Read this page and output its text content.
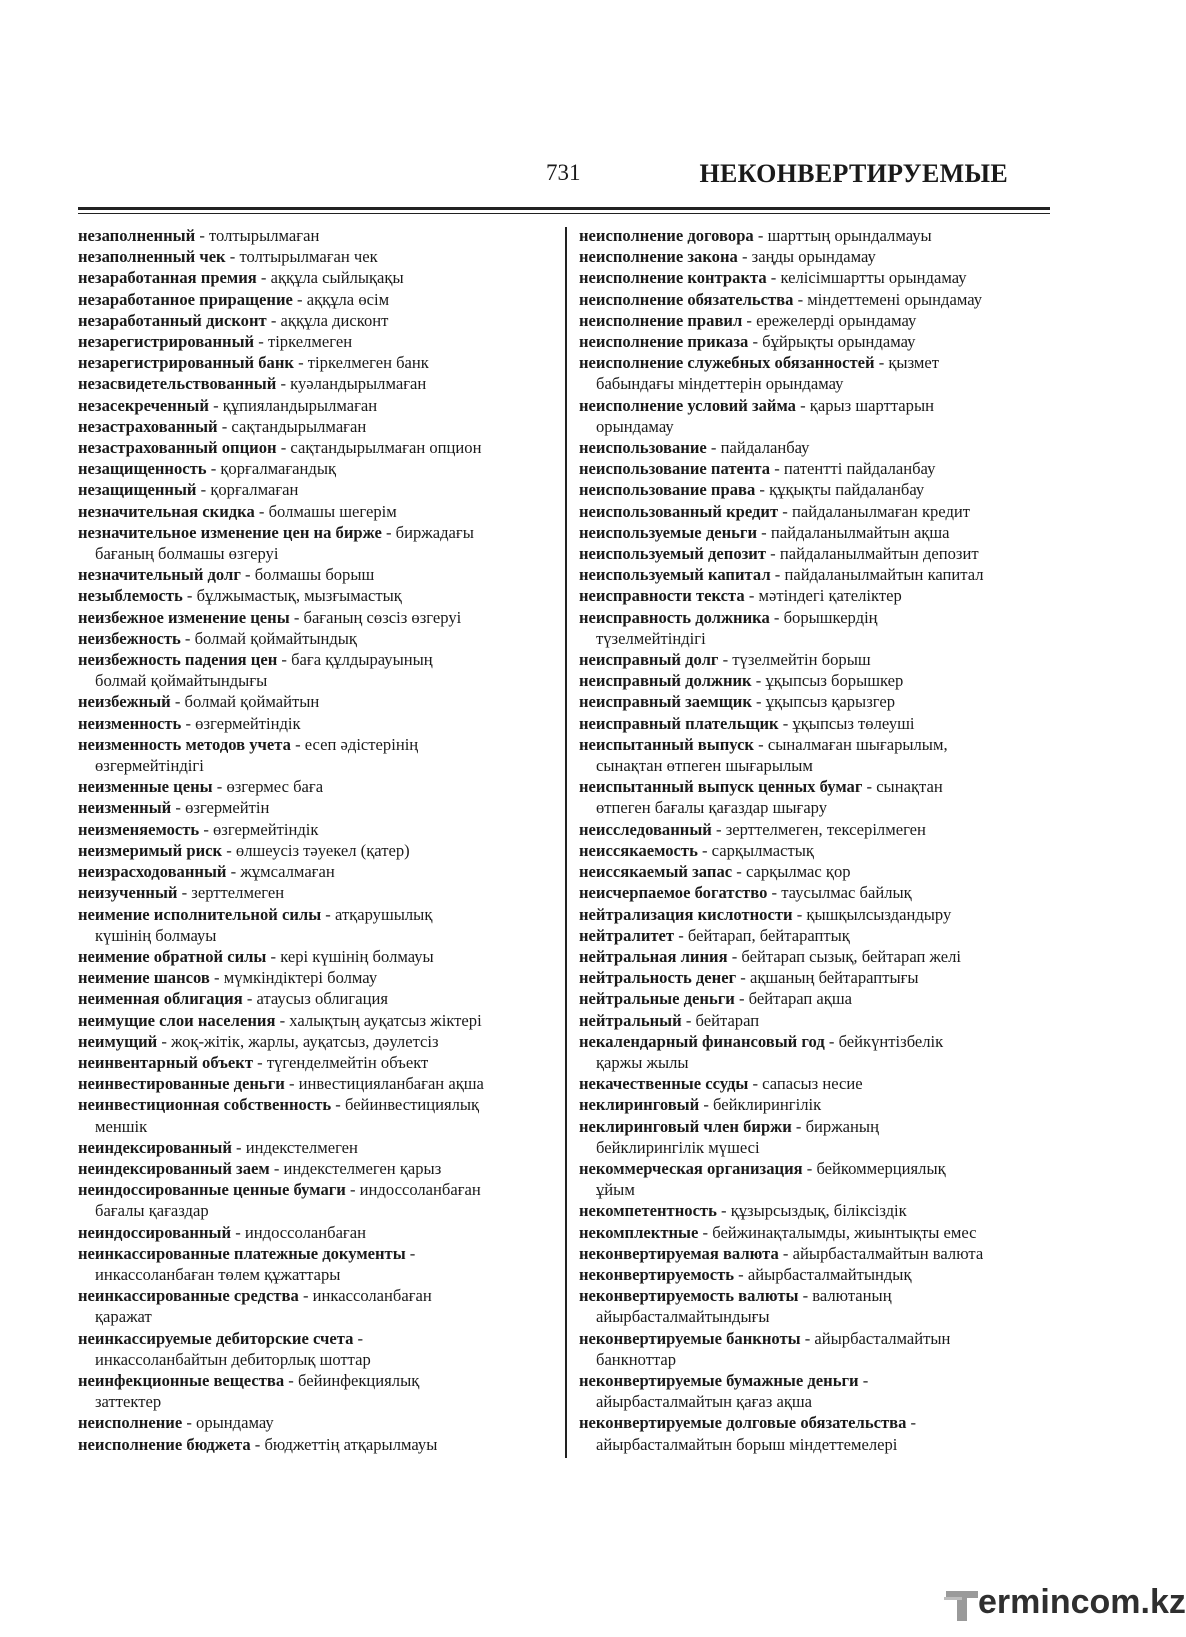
731	НЕКОНВЕРТИРУЕМЫЕ
незаполненный - толтырылмаған
незаполненный чек - толтырылмаған чек
незаработанная премия - аққұла сыйлықақы
незаработанное приращение - аққұла өсім
незаработанный дисконт - аққұла дисконт
незарегистрированный - тіркелмеген
незарегистрированный банк - тіркелмеген банк
незасвидетельствованный - куәландырылмаған
незасекреченный - құпияландырылмаған
незастрахованный - сақтандырылмаған
незастрахованный опцион - сақтандырылмаған опцион
незащищенность - қорғалмағандық
незащищенный - қорғалмаған
незначительная скидка - болмашы шегерім
незначительное изменение цен на бирже - биржадағы
бағаның болмашы өзгеруі
незначительный долг - болмашы борыш
незыблемость - бұлжымастық, мызғымастық
неизбежное изменение цены - бағаның сөзсіз өзгеруі
неизбежность - болмай қоймайтындық
неизбежность падения цен - баға құлдырауының
болмай қоймайтындығы
неизбежный - болмай қоймайтын
неизменность - өзгермейтіндік
неизменность методов учета - есеп әдістерінің
өзгермейтіндігі
неизменные цены - өзгермес баға
неизменный - өзгермейтін
неизменяемость - өзгермейтіндік
неизмеримый риск - өлшеусіз тәуекел (қатер)
неизрасходованный - жұмсалмаған
неизученный - зерттелмеген
неимение исполнительной силы - атқарушылық
күшінің болмауы
неимение обратной силы - кері күшінің болмауы
неимение шансов - мүмкіндіктері болмау
неименная облигация - атаусыз облигация
неимущие слои населения - халықтың ауқатсыз жіктері
неимущий - жоқ-жітік, жарлы, ауқатсыз, дәулетсіз
неинвентарный объект - түгенделмейтін объект
неинвестированные деньги - инвестицияланбаған ақша
неинвестиционная собственность - бейинвестициялық
меншік
неиндексированный - индекстелмеген
неиндексированный заем - индекстелмеген қарыз
неиндоссированные ценные бумаги - индоссоланбаған
бағалы қағаздар
неиндоссированный - индоссоланбаған
неинкассированные платежные документы -
инкассоланбаған төлем құжаттары
неинкассированные средства - инкассоланбаған
қаражат
неинкассируемые дебиторские счета -
инкассоланбайтын дебиторлық шоттар
неинфекционные вещества - бейинфекциялық
заттектер
неисполнение - орындамау
неисполнение бюджета - бюджеттің атқарылмауы
неисполнение договора - шарттың орындалмауы
неисполнение закона - заңды орындамау
неисполнение контракта - келісімшартты орындамау
неисполнение обязательства - міндеттемені орындамау
неисполнение правил - ережелерді орындамау
неисполнение приказа - бұйрықты орындамау
неисполнение служебных обязанностей - қызмет
бабындағы міндеттерін орындамау
неисполнение условий займа - қарыз шарттарын
орындамау
неиспользование - пайдаланбау
неиспользование патента - патентті пайдаланбау
неиспользование права - құқықты пайдаланбау
неиспользованный кредит - пайдаланылмаған кредит
неиспользуемые деньги - пайдаланылмайтын ақша
неиспользуемый депозит - пайдаланылмайтын депозит
неиспользуемый капитал - пайдаланылмайтын капитал
неисправности текста - мәтіндегі қателіктер
неисправность должника - борышкердің
түзелмейтіндігі
неисправный долг - түзелмейтін борыш
неисправный должник - ұқыпсыз борышкер
неисправный заемщик - ұқыпсыз қарызгер
неисправный плательщик - ұқыпсыз төлеуші
неиспытанный выпуск - сыналмаған шығарылым,
сынақтан өтпеген шығарылым
неиспытанный выпуск ценных бумаг - сынақтан
өтпеген бағалы қағаздар шығару
неисследованный - зерттелмеген, тексерілмеген
неиссякаемость - сарқылмастық
неиссякаемый запас - сарқылмас қор
неисчерпаемое богатство - таусылмас байлық
нейтрализация кислотности - қышқылсыздандыру
нейтралитет - бейтарап, бейтараптық
нейтральная линия - бейтарап сызық, бейтарап желі
нейтральность денег - ақшаның бейтараптығы
нейтральные деньги - бейтарап ақша
нейтральный - бейтарап
некалендарный финансовый год - бейкүнтізбелік
қаржы жылы
некачественные ссуды - сапасыз несие
неклиринговый - бейклирингілік
неклиринговый член биржи - биржаның
бейклирингілік мүшесі
некоммерческая организация - бейкоммерциялық
ұйым
некомпетентность - құзырсыздық, біліксіздік
некомплектные - бейжинақталымды, жиынтықты емес
неконвертируемая валюта - айырбасталмайтын валюта
неконвертируемость - айырбасталмайтындық
неконвертируемость валюты - валютаның
айырбасталмайтындығы
неконвертируемые банкноты - айырбасталмайтын
банкноттар
неконвертируемые бумажные деньги -
айырбасталмайтын қағаз ақша
неконвертируемые долговые обязательства -
айырбасталмайтын борыш міндеттемелері
ermincom.kz
